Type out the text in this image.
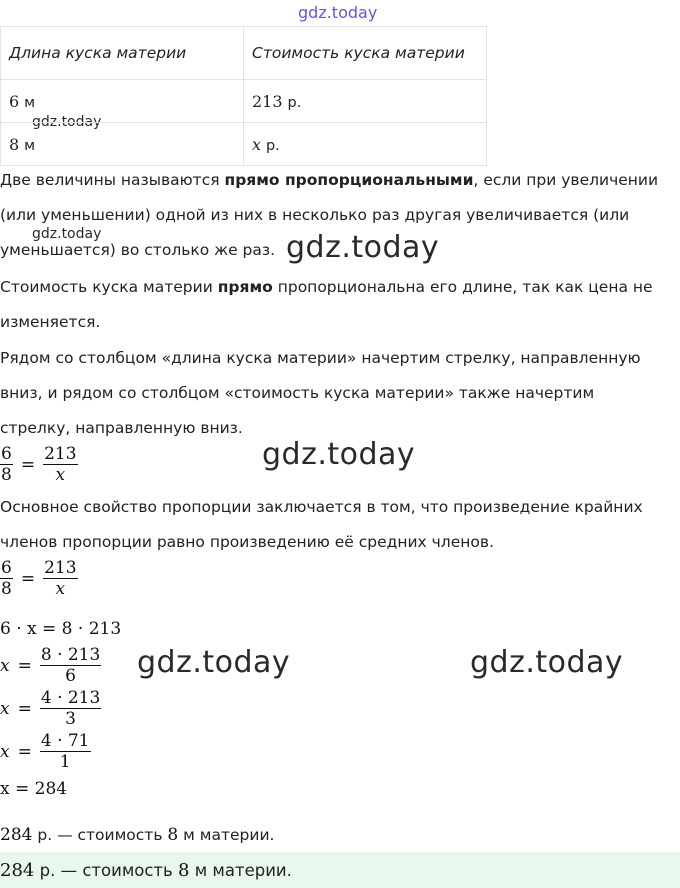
gdz.today
gdz.today
gdz.today	gdz.today
gdz.today
gdz.today	gdz.today
Длина куска материи	Стоимость куска материи
6 м	213 р.
8 м	x р.
Две величины называются прямо пропорциональными, если при увеличении
(или уменьшении) одной из них в несколько раз другая увеличивается (или
уменьшается) во столько же раз.
Стоимость куска материи прямо пропорциональна его длине, так как цена не
изменяется.
Рядом со столбцом «длина куска материи» начертим стрелку, направленную
вниз, и рядом со столбцом «стоимость куска материи» также начертим
стрелку, направленную вниз.
$\frac{6}{8} = \frac{213}{x}$
Основное свойство пропорции заключается в том, что произведение крайних
членов пропорции равно произведению её средних членов.
$\frac{6}{8} = \frac{213}{x}$
6 · x = 8 · 213
$x = \frac{8 \cdot 213}{6}$
$x = \frac{4 \cdot 213}{3}$
$x = \frac{4 \cdot 71}{1}$
x = 284
284 р. — стоимость 8 м материи.
284 р. — стоимость 8 м материи.
